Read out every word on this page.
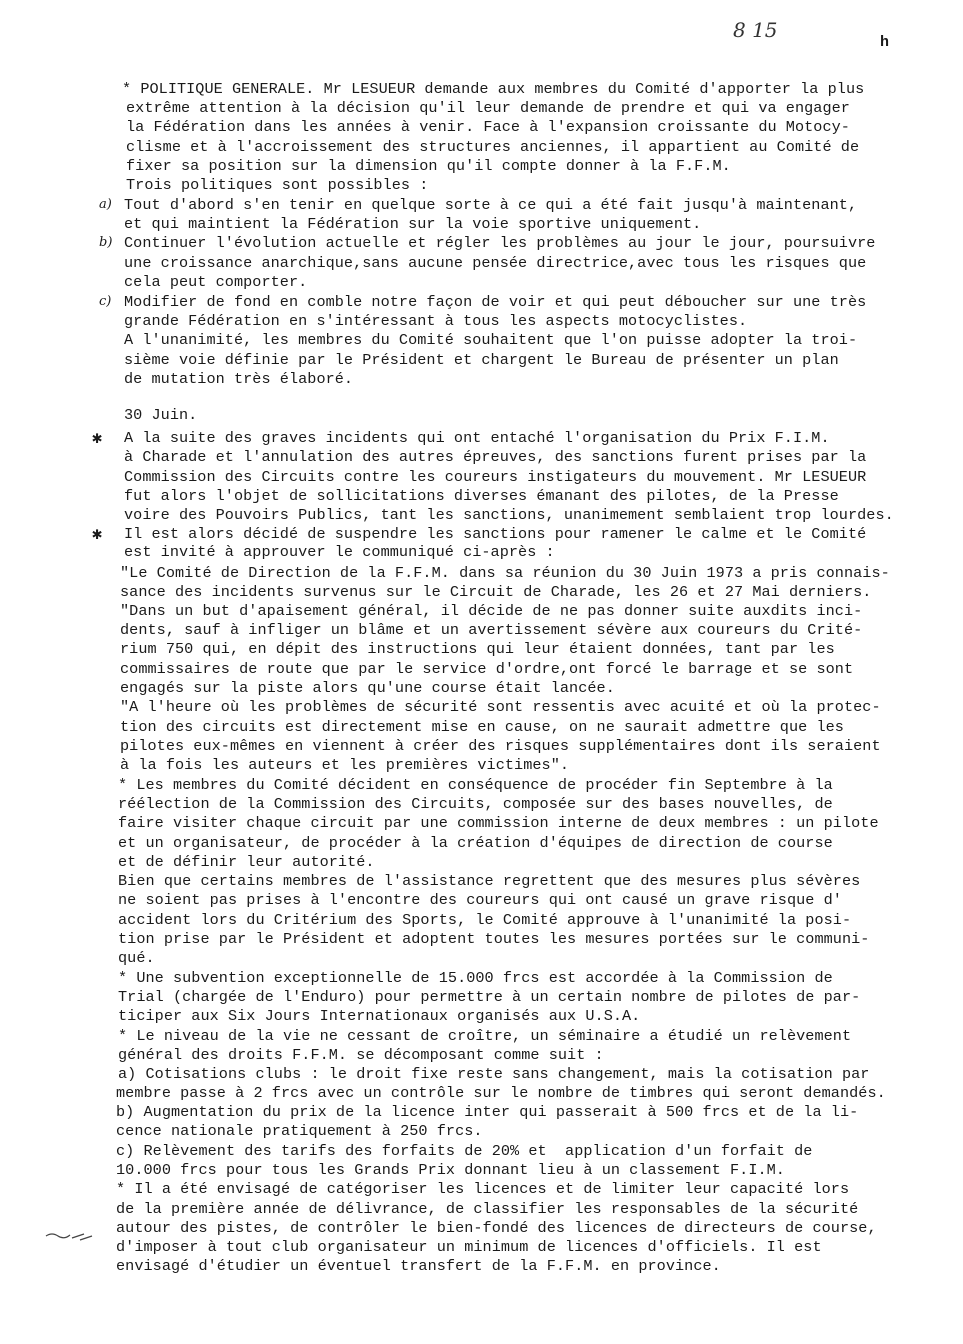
8 15
h
a)
b)
c)
✱
✱
* POLITIQUE GENERALE. Mr LESUEUR demande aux membres du Comité d'apporter la plus
extrême attention à la décision qu'il leur demande de prendre et qui va engager
la Fédération dans les années à venir. Face à l'expansion croissante du Motocy-
clisme et à l'accroissement des structures anciennes, il appartient au Comité de
fixer sa position sur la dimension qu'il compte donner à la F.F.M.
Trois politiques sont possibles :
Tout d'abord s'en tenir en quelque sorte à ce qui a été fait jusqu'à maintenant,
et qui maintient la Fédération sur la voie sportive uniquement.
Continuer l'évolution actuelle et régler les problèmes au jour le jour, poursuivre
une croissance anarchique,sans aucune pensée directrice,avec tous les risques que
cela peut comporter.
Modifier de fond en comble notre façon de voir et qui peut déboucher sur une très
grande Fédération en s'intéressant à tous les aspects motocyclistes.
A l'unanimité, les membres du Comité souhaitent que l'on puisse adopter la troi-
sième voie définie par le Président et chargent le Bureau de présenter un plan
de mutation très élaboré.
30 Juin.
A la suite des graves incidents qui ont entaché l'organisation du Prix F.I.M.
à Charade et l'annulation des autres épreuves, des sanctions furent prises par la
Commission des Circuits contre les coureurs instigateurs du mouvement. Mr LESUEUR
fut alors l'objet de sollicitations diverses émanant des pilotes, de la Presse
voire des Pouvoirs Publics, tant les sanctions, unanimement semblaient trop lourdes.
Il est alors décidé de suspendre les sanctions pour ramener le calme et le Comité
est invité à approuver le communiqué ci-après :
"Le Comité de Direction de la F.F.M. dans sa réunion du 30 Juin 1973 a pris connais-
sance des incidents survenus sur le Circuit de Charade, les 26 et 27 Mai derniers.
"Dans un but d'apaisement général, il décide de ne pas donner suite auxdits inci-
dents, sauf à infliger un blâme et un avertissement sévère aux coureurs du Crité-
rium 750 qui, en dépit des instructions qui leur étaient données, tant par les
commissaires de route que par le service d'ordre,ont forcé le barrage et se sont
engagés sur la piste alors qu'une course était lancée.
"A l'heure où les problèmes de sécurité sont ressentis avec acuité et où la protec-
tion des circuits est directement mise en cause, on ne saurait admettre que les
pilotes eux-mêmes en viennent à créer des risques supplémentaires dont ils seraient
à la fois les auteurs et les premières victimes".
* Les membres du Comité décident en conséquence de procéder fin Septembre à la
réélection de la Commission des Circuits, composée sur des bases nouvelles, de
faire visiter chaque circuit par une commission interne de deux membres : un pilote
et un organisateur, de procéder à la création d'équipes de direction de course
et de définir leur autorité.
Bien que certains membres de l'assistance regrettent que des mesures plus sévères
ne soient pas prises à l'encontre des coureurs qui ont causé un grave risque d'
accident lors du Critérium des Sports, le Comité approuve à l'unanimité la posi-
tion prise par le Président et adoptent toutes les mesures portées sur le communi-
qué.
* Une subvention exceptionnelle de 15.000 frcs est accordée à la Commission de
Trial (chargée de l'Enduro) pour permettre à un certain nombre de pilotes de par-
ticiper aux Six Jours Internationaux organisés aux U.S.A.
* Le niveau de la vie ne cessant de croître, un séminaire a étudié un relèvement
général des droits F.F.M. se décomposant comme suit :
a) Cotisations clubs : le droit fixe reste sans changement, mais la cotisation par
membre passe à 2 frcs avec un contrôle sur le nombre de timbres qui seront demandés.
b) Augmentation du prix de la licence inter qui passerait à 500 frcs et de la li-
cence nationale pratiquement à 250 frcs.
c) Relèvement des tarifs des forfaits de 20% et  application d'un forfait de
10.000 frcs pour tous les Grands Prix donnant lieu à un classement F.I.M.
* Il a été envisagé de catégoriser les licences et de limiter leur capacité lors
de la première année de délivrance, de classifier les responsables de la sécurité
autour des pistes, de contrôler le bien-fondé des licences de directeurs de course,
d'imposer à tout club organisateur un minimum de licences d'officiels. Il est
envisagé d'étudier un éventuel transfert de la F.F.M. en province.
